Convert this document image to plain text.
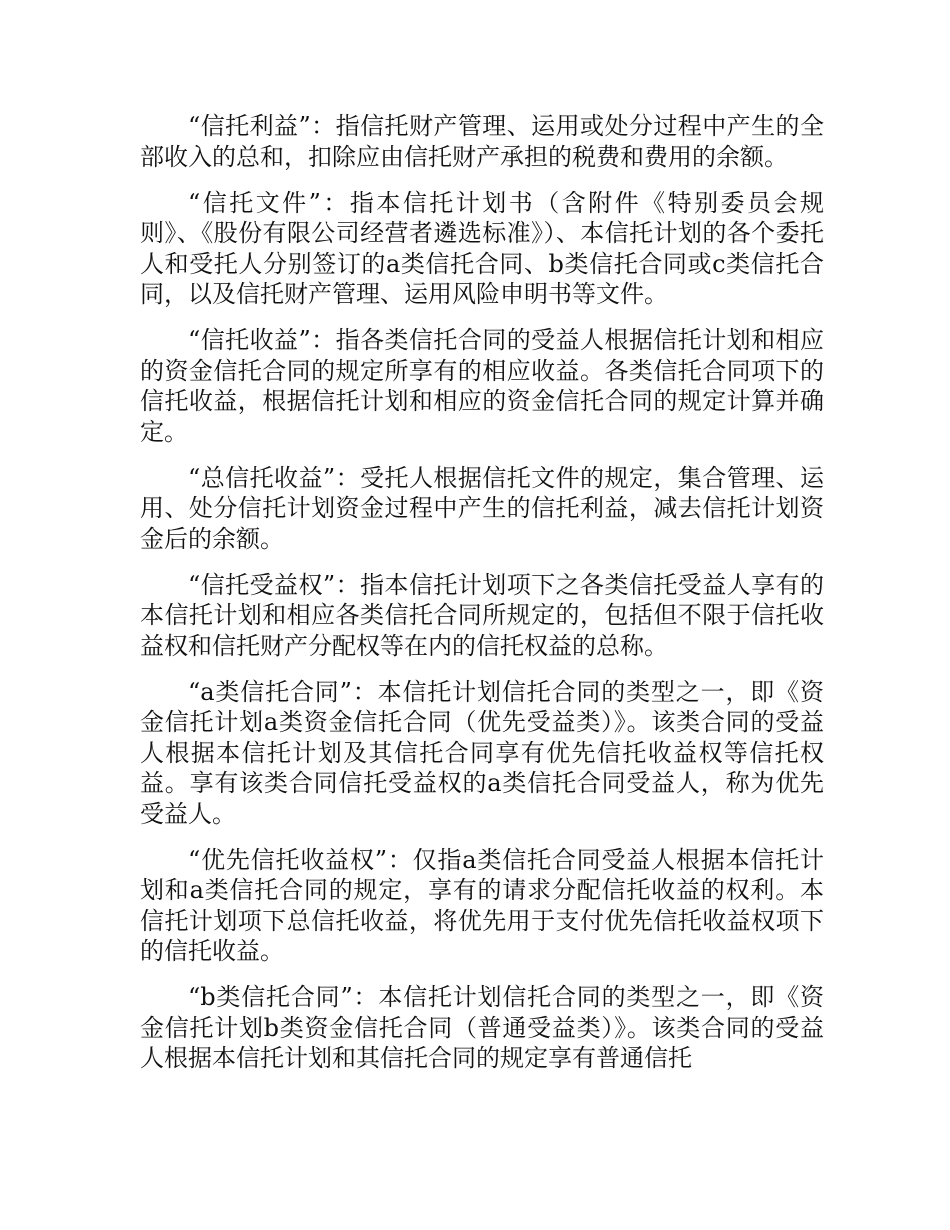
“信托利益”：指信托财产管理、运用或处分过程中产生的全部收入的总和，扣除应由信托财产承担的税费和费用的余额。

“信托文件”：指本信托计划书（含附件《特别委员会规则》、《股份有限公司经营者遴选标准》）、本信托计划的各个委托人和受托人分别签订的a类信托合同、b类信托合同或c类信托合同，以及信托财产管理、运用风险申明书等文件。

“信托收益”：指各类信托合同的受益人根据信托计划和相应的资金信托合同的规定所享有的相应收益。各类信托合同项下的信托收益，根据信托计划和相应的资金信托合同的规定计算并确定。

“总信托收益”：受托人根据信托文件的规定，集合管理、运用、处分信托计划资金过程中产生的信托利益，减去信托计划资金后的余额。

“信托受益权”：指本信托计划项下之各类信托受益人享有的本信托计划和相应各类信托合同所规定的，包括但不限于信托收益权和信托财产分配权等在内的信托权益的总称。

“a类信托合同”：本信托计划信托合同的类型之一，即《资金信托计划a类资金信托合同（优先受益类）》。该类合同的受益人根据本信托计划及其信托合同享有优先信托收益权等信托权益。享有该类合同信托受益权的a类信托合同受益人，称为优先受益人。

“优先信托收益权”：仅指a类信托合同受益人根据本信托计划和a类信托合同的规定，享有的请求分配信托收益的权利。本信托计划项下总信托收益，将优先用于支付优先信托收益权项下的信托收益。

“b类信托合同”：本信托计划信托合同的类型之一，即《资金信托计划b类资金信托合同（普通受益类）》。该类合同的受益人根据本信托计划和其信托合同的规定享有普通信托
